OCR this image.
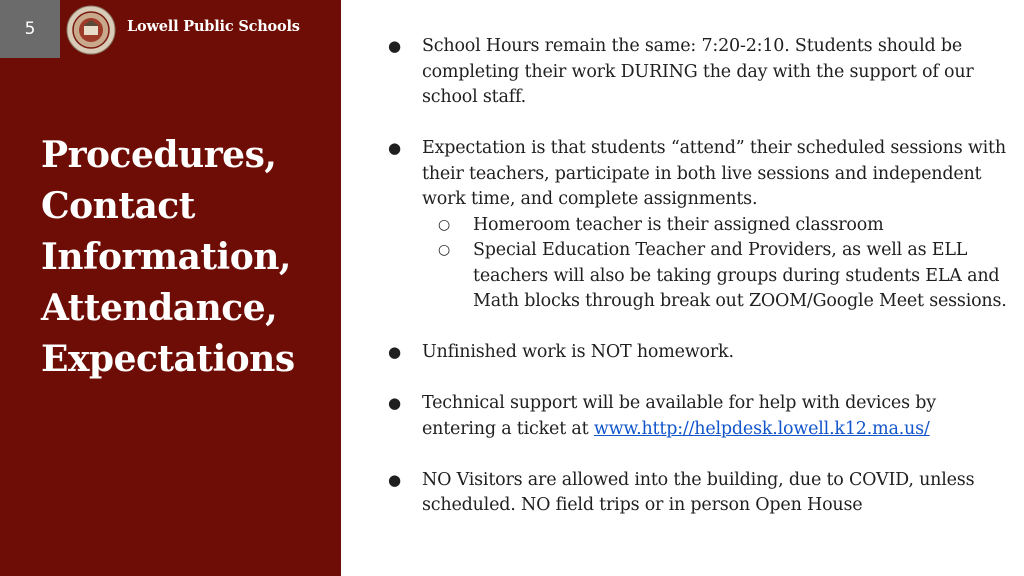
5	Lowell Public Schools
Procedures,
Contact
Information,
Attendance,
Expectations
● School Hours remain the same: 7:20-2:10. Students should be completing their work DURING the day with the support of our school staff.
● Expectation is that students “attend” their scheduled sessions with their teachers, participate in both live sessions and independent work time, and complete assignments.
○ Homeroom teacher is their assigned classroom
○ Special Education Teacher and Providers, as well as ELL teachers will also be taking groups during students ELA and Math blocks through break out ZOOM/Google Meet sessions.
● Unfinished work is NOT homework.
● Technical support will be available for help with devices by entering a ticket at www.http://helpdesk.lowell.k12.ma.us/
● NO Visitors are allowed into the building, due to COVID, unless scheduled. NO field trips or in person Open House
